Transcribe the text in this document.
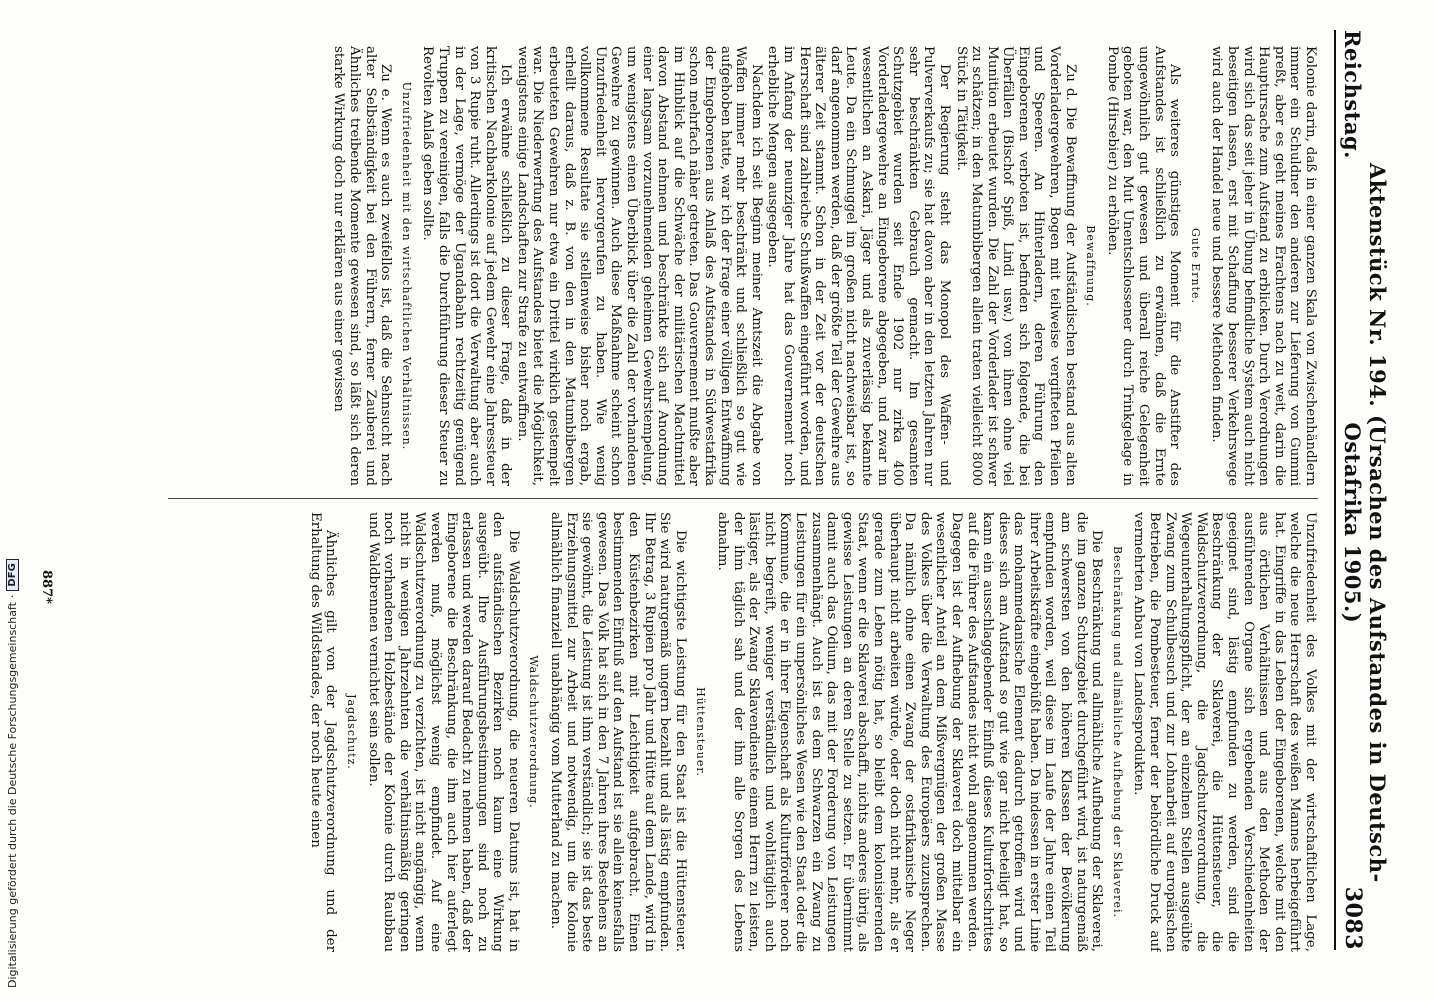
Reichstag.
Aktenstück Nr. 194. (Ursachen des Aufstandes in Deutsch-Ostafrika 1905.)
3083

Kolonie darin, daß in einer ganzen Skala von Zwischenhändlern immer ein Schuldner den anderen zur Lieferung von Gummi preßt, aber es geht meines Erachtens nach zu weit, darin die Hauptursache zum Aufstand zu erblicken. Durch Verordnungen wird sich das seit jeher in Übung befindliche System auch nicht beseitigen lassen, erst mit Schaffung besserer Verkehrswege wird auch der Handel neue und bessere Methoden finden.

Gute Ernte.

Als weiteres günstiges Moment für die Anstifter des Aufstandes ist schließlich zu erwähnen, daß die Ernte ungewöhnlich gut gewesen und überall reiche Gelegenheit geboten war, den Mut Unentschlossener durch Trinkgelage in Pombe (Hirsebier) zu erhöhen.

Bewaffnung.

Zu d. Die Bewaffnung der Aufständischen bestand aus alten Vorderladergewehren, Bogen mit teilweise vergifteten Pfeilen und Speeren. An Hinterladern, deren Führung den Eingeborenen verboten ist, befinden sich folgende, die bei Überfällen (Bischof Spiß, Lindi usw.) von ihnen ohne viel Munition erbeutet wurden. Die Zahl der Vorderlader ist schwer zu schätzen; in den Matumbibergen allein traten vielleicht 8000 Stück in Tätigkeit.

Der Regierung steht das Monopol des Waffen- und Pulververkaufs zu; sie hat davon aber in den letzten Jahren nur sehr beschränkten Gebrauch gemacht. Im gesamten Schutzgebiet wurden seit Ende 1902 nur zirka 400 Vorderladergewehre an Eingeborene abgegeben, und zwar im wesentlichen an Askari, Jäger und als zuverlässig bekannte Leute. Da ein Schmuggel im großen nicht nachweisbar ist, so darf angenommen werden, daß der größte Teil der Gewehre aus älterer Zeit stammt. Schon in der Zeit vor der deutschen Herrschaft sind zahlreiche Schußwaffen eingeführt worden, und im Anfang der neunziger Jahre hat das Gouvernement noch erhebliche Mengen ausgegeben.

Nachdem ich seit Beginn meiner Amtszeit die Abgabe von Waffen immer mehr beschränkt und schließlich so gut wie aufgehoben hatte, war ich der Frage einer völligen Entwaffnung der Eingeborenen aus Anlaß des Aufstandes in Südwestafrika schon mehrfach näher getreten. Das Gouvernement mußte aber im Hinblick auf die Schwäche der militärischen Machtmittel davon Abstand nehmen und beschränkte sich auf Anordnung einer langsam vorzunehmenden geheimen Gewehrstempelung, um wenigstens einen Überblick über die Zahl der vorhandenen Gewehre zu gewinnen. Auch diese Maßnahme scheint schon Unzufriedenheit hervorgerufen zu haben. Wie wenig vollkommene Resultate sie stellenweise bisher noch ergab, erhellt daraus, daß z. B. von den in den Matumbibergen erbeuteten Gewehren nur etwa ein Drittel wirklich gestempelt war. Die Niederwerfung des Aufstandes bietet die Möglichkeit, wenigstens einige Landschaften zur Strafe zu entwaffnen.

Ich erwähne schließlich zu dieser Frage, daß in der kritischen Nachbarkolonie auf jedem Gewehr eine Jahressteuer von 3 Rupie ruht. Allerdings ist dort die Verwaltung aber auch in der Lage, vermöge der Ugandabahn rechtzeitig genügend Truppen zu vereinigen, falls die Durchführung dieser Steuer zu Revolten Anlaß geben sollte.

Unzufriedenheit mit den wirtschaftlichen Verhältnissen.

Zu e. Wenn es auch zweifellos ist, daß die Sehnsucht nach alter Selbständigkeit bei den Führern, ferner Zauberei und Ähnliches treibende Momente gewesen sind, so läßt sich deren starke Wirkung doch nur erklären aus einer gewissen

Unzufriedenheit des Volkes mit der wirtschaftlichen Lage, welche die neue Herrschaft des weißen Mannes herbeigeführt hat. Eingriffe in das Leben der Eingeborenen, welche mit den aus örtlichen Verhältnissen und aus den Methoden der ausführenden Organe sich ergebenden Verschiedenheiten geeignet sind, lästig empfunden zu werden, sind die Beschränkung der Sklaverei, die Hüttensteuer, die Waldschutzverordnung, die Jagdschutzverordnung, die Wegeunterhaltungspflicht, der an einzelnen Stellen ausgeübte Zwang zum Schulbesuch und zur Lohnarbeit auf europäischen Betrieben, die Pombesteuer, ferner der behördliche Druck auf vermehrten Anbau von Landesprodukten.

Beschränkung und allmähliche Aufhebung der Sklaverei.

Die Beschränkung und allmähliche Aufhebung der Sklaverei, die im ganzen Schutzgebiet durchgeführt wird, ist naturgemäß am schwersten von den höheren Klassen der Bevölkerung empfunden worden, weil diese im Laufe der Jahre einen Teil ihrer Arbeitskräfte eingebüßt haben. Da indessen in erster Linie das mohammedanische Element dadurch getroffen wird und dieses sich am Aufstand so gut wie gar nicht beteiligt hat, so kann ein ausschlaggebender Einfluß dieses Kulturfortschrittes auf die Führer des Aufstandes nicht wohl angenommen werden. Dagegen ist der Aufhebung der Sklaverei doch mittelbar ein wesentlicher Anteil an dem Mißvergnügen der großen Masse des Volkes über die Verwaltung des Europäers zuzusprechen. Da nämlich ohne einen Zwang der ostafrikanische Neger überhaupt nicht arbeiten würde, oder doch nicht mehr, als er gerade zum Leben nötig hat, so bleibt dem kolonisierenden Staat, wenn er die Sklaverei abschafft, nichts anderes übrig, als gewisse Leistungen an deren Stelle zu setzen. Er übernimmt damit auch das Odium, das mit der Forderung von Leistungen zusammenhängt. Auch ist es dem Schwarzen ein Zwang zu Leistungen für ein unpersönliches Wesen wie den Staat oder die Kommune, die er in ihrer Eigenschaft als Kulturförderer noch nicht begreift, weniger verständlich und wohltätiglich auch lästiger, als der Zwang Sklavendienste einem Herrn zu leisten, der ihm täglich sah und der ihm alle Sorgen des Lebens abnahm.

Hüttensteuer.

Die wichtigste Leistung für den Staat ist die Hüttensteuer. Sie wird naturgemäß ungern bezahlt und als lästig empfunden. Ihr Betrag, 3 Rupien pro Jahr und Hütte auf dem Lande, wird in den Küstenbezirken mit Leichtigkeit aufgebracht. Einen bestimmenden Einfluß auf den Aufstand ist sie allein keinesfalls gewesen. Das Volk hat sich in den 7 Jahren ihres Bestehens an sie gewöhnt, die Leistung ist ihm verständlich; sie ist das beste Erziehungsmittel zur Arbeit und notwendig, um die Kolonie allmählich finanziell unabhängig vom Mutterland zu machen.

Waldschutzverordnung.

Die Waldschutzverordnung, die neueren Datums ist, hat in den aufständischen Bezirken noch kaum eine Wirkung ausgeübt. Ihre Ausführungsbestimmungen sind noch zu erlassen und werden darauf Bedacht zu nehmen haben, daß der Eingeborene die Beschränkung, die ihm auch hier auferlegt werden muß, möglichst wenig empfindet. Auf eine Waldschutzverordnung zu verzichten, ist nicht angängig, wenn nicht in wenigen Jahrzehnten die verhältnismäßig geringen noch vorhandenen Holzbestände der Kolonie durch Raubbau und Waldbrennen vernichtet sein sollen.

Jagdschutz.

Ähnliches gilt von der Jagdschutzverordnung und der Erhaltung des Wildstandes, der noch heute einen

887*
Digitalisierung gefördert durch die Deutsche Forschungsgemeinschaft
·
DFG
